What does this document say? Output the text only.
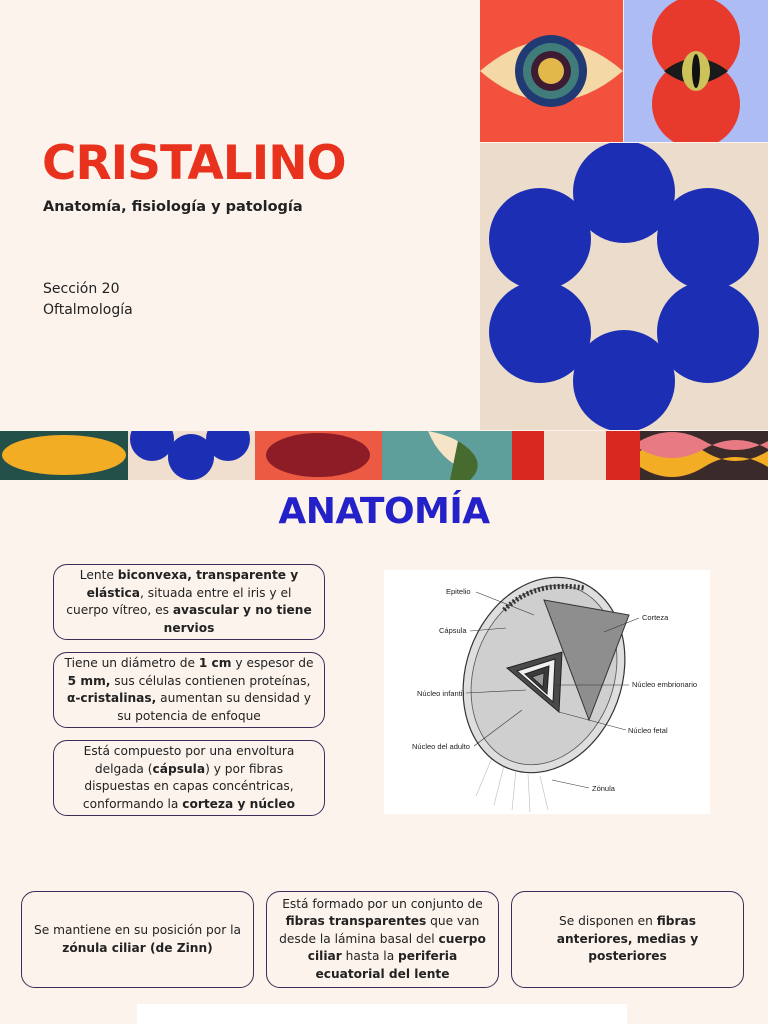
CRISTALINO
Anatomía, fisiología y patología
Sección 20
Oftalmología
ANATOMÍA

Lente biconvexa, transparente y elástica, situada entre el iris y el cuerpo vítreo, es avascular y no tiene nervios

Tiene un diámetro de 1 cm y espesor de 5 mm, sus células contienen proteínas, α-cristalinas, aumentan su densidad y su potencia de enfoque

Está compuesto por una envoltura delgada (cápsula) y por fibras dispuestas en capas concéntricas, conformando la corteza y núcleo

Se mantiene en su posición por la zónula ciliar (de Zinn)

Está formado por un conjunto de fibras transparentes que van desde la lámina basal del cuerpo ciliar hasta la periferia ecuatorial del lente

Se disponen en fibras anteriores, medias y posteriores

Epitelio
Cápsula
Corteza
Núcleo infantil
Núcleo embrionario
Núcleo del adulto
Núcleo fetal
Zónula
